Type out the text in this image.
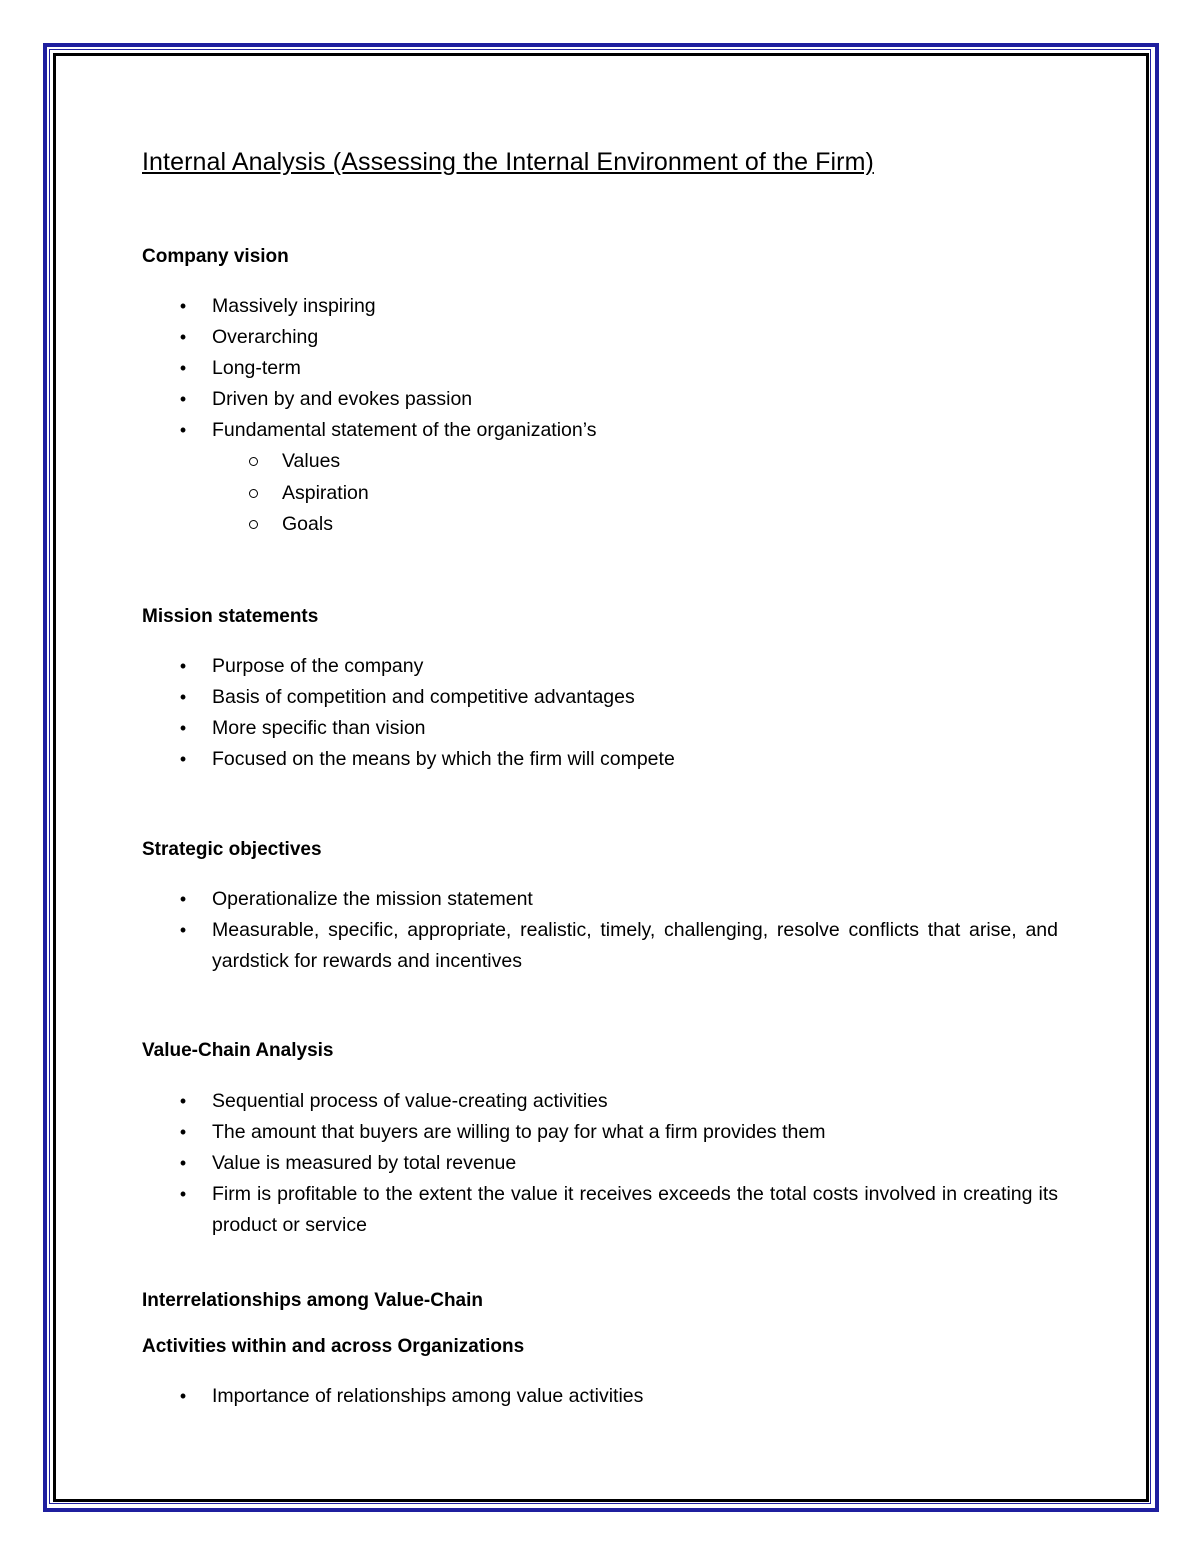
Internal Analysis (Assessing the Internal Environment of the Firm)
Company vision
• Massively inspiring
• Overarching
• Long-term
• Driven by and evokes passion
• Fundamental statement of the organization’s
Values
Aspiration
Goals
Mission statements
• Purpose of the company
• Basis of competition and competitive advantages
• More specific than vision
• Focused on the means by which the firm will compete
Strategic objectives
• Operationalize the mission statement
• Measurable, specific, appropriate, realistic, timely, challenging, resolve conflicts that arise, and yardstick for rewards and incentives
Value-Chain Analysis
• Sequential process of value-creating activities
• The amount that buyers are willing to pay for what a firm provides them
• Value is measured by total revenue
• Firm is profitable to the extent the value it receives exceeds the total costs involved in creating its product or service
Interrelationships among Value-Chain
Activities within and across Organizations
• Importance of relationships among value activities
